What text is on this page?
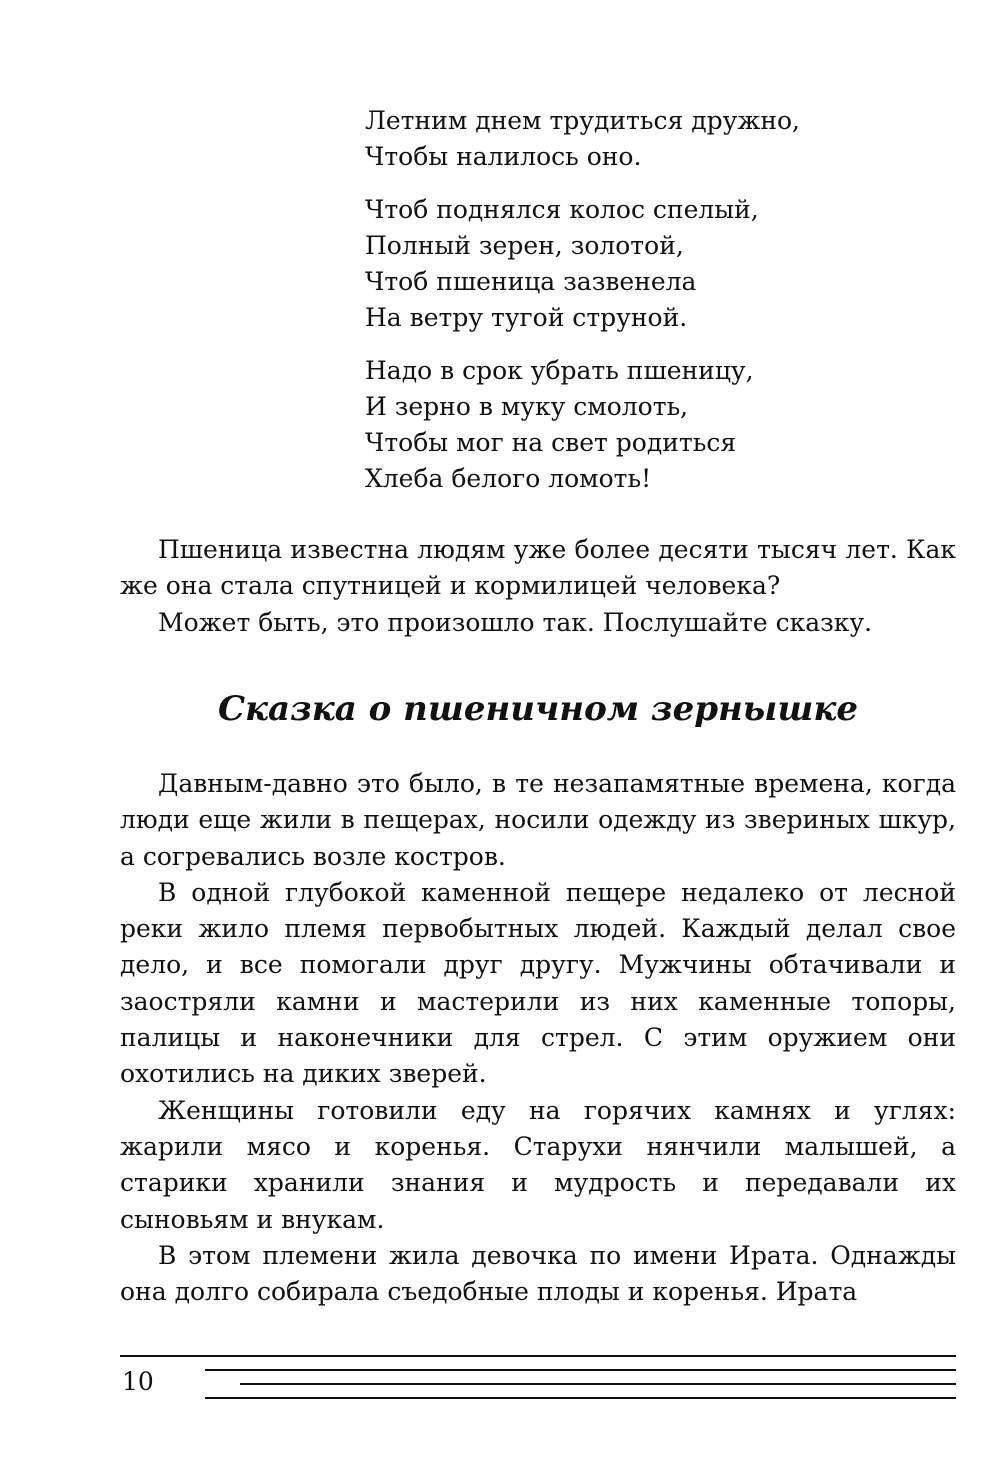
Летним днем трудиться дружно,
Чтобы налилось оно.
Чтоб поднялся колос спелый,
Полный зерен, золотой,
Чтоб пшеница зазвенела
На ветру тугой струной.
Надо в срок убрать пшеницу,
И зерно в муку смолоть,
Чтобы мог на свет родиться
Хлеба белого ломоть!

Пшеница известна людям уже более десяти тысяч лет. Как же она стала спутницей и кормилицей человека?

Может быть, это произошло так. Послушайте сказку.

Сказка о пшеничном зернышке

Давным-давно это было, в те незапамятные времена, когда люди еще жили в пещерах, носили одежду из звериных шкур, а согревались возле костров.

В одной глубокой каменной пещере недалеко от лесной реки жило племя первобытных людей. Каждый делал свое дело, и все помогали друг другу. Мужчины обтачивали и заостряли камни и мастерили из них каменные топоры, палицы и наконечники для стрел. С этим оружием они охотились на диких зверей.

Женщины готовили еду на горячих камнях и углях: жарили мясо и коренья. Старухи нянчили малышей, а старики хранили знания и мудрость и передавали их сыновьям и внукам.

В этом племени жила девочка по имени Ирата. Однажды она долго собирала съедобные плоды и коренья. Ирата

10
